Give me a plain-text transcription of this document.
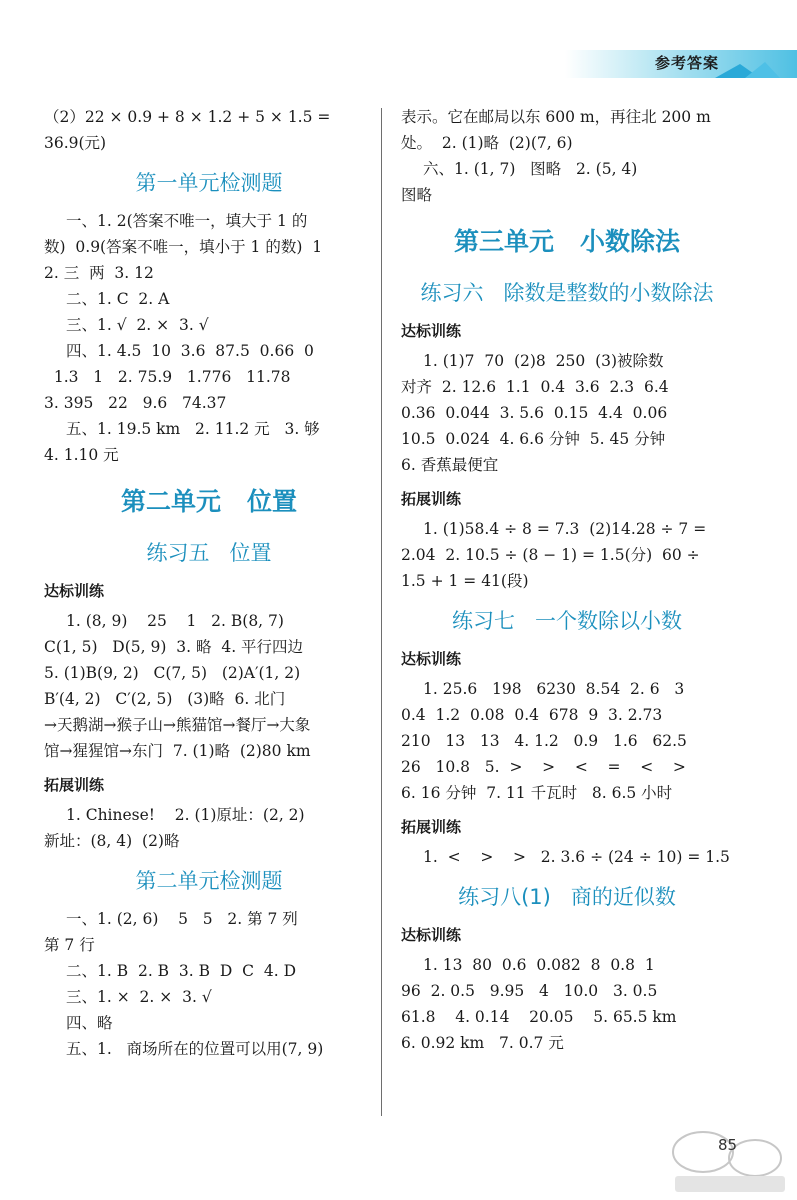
参考答案
（2）22 × 0.9 + 8 × 1.2 + 5 × 1.5 =
36.9(元)
第一单元检测题
一、1. 2(答案不唯一，填大于 1 的
数)  0.9(答案不唯一，填小于 1 的数)  1
2. 三  两  3. 12
二、1. C  2. A
三、1. √  2. ×  3. √
四、1. 4.5  10  3.6  87.5  0.66  0
1.3   1   2. 75.9   1.776   11.78
3. 395   22   9.6   74.37
五、1. 19.5 km   2. 11.2 元   3. 够
4. 1.10 元
第二单元   位置
练习五   位置
达标训练
1. (8, 9)    25    1   2. B(8, 7)
C(1, 5)   D(5, 9)  3. 略  4. 平行四边
5. (1)B(9, 2)   C(7, 5)   (2)A′(1, 2)
B′(4, 2)   C′(2, 5)   (3)略  6. 北门
→天鹅湖→猴子山→熊猫馆→餐厅→大象
馆→猩猩馆→东门  7. (1)略  (2)80 km
拓展训练
1. Chinese!    2. (1)原址：(2, 2)
新址：(8, 4)  (2)略
第二单元检测题
一、1. (2, 6)    5   5   2. 第 7 列
第 7 行
二、1. B  2. B  3. B  D  C  4. D
三、1. ×  2. ×  3. √
四、略
五、1.   商场所在的位置可以用(7, 9)
表示。它在邮局以东 600 m，再往北 200 m
处。  2. (1)略  (2)(7, 6)
六、1. (1, 7)   图略   2. (5, 4)
图略
第三单元   小数除法
练习六   除数是整数的小数除法
达标训练
1. (1)7  70  (2)8  250  (3)被除数
对齐  2. 12.6  1.1  0.4  3.6  2.3  6.4
0.36  0.044  3. 5.6  0.15  4.4  0.06
10.5  0.024  4. 6.6 分钟  5. 45 分钟
6. 香蕉最便宜
拓展训练
1. (1)58.4 ÷ 8 = 7.3  (2)14.28 ÷ 7 =
2.04  2. 10.5 ÷ (8 − 1) = 1.5(分)  60 ÷
1.5 + 1 = 41(段)
练习七   一个数除以小数
达标训练
1. 25.6   198   6230  8.54  2. 6   3
0.4  1.2  0.08  0.4  678  9  3. 2.73
210   13   13   4. 1.2   0.9   1.6   62.5
26   10.8   5.  >    >    <    =    <    >
6. 16 分钟  7. 11 千瓦时   8. 6.5 小时
拓展训练
1.  <    >    >   2. 3.6 ÷ (24 ÷ 10) = 1.5
练习八(1)   商的近似数
达标训练
1. 13  80  0.6  0.082  8  0.8  1
96  2. 0.5   9.95   4   10.0   3. 0.5
61.8    4. 0.14    20.05    5. 65.5 km
6. 0.92 km   7. 0.7 元
85
